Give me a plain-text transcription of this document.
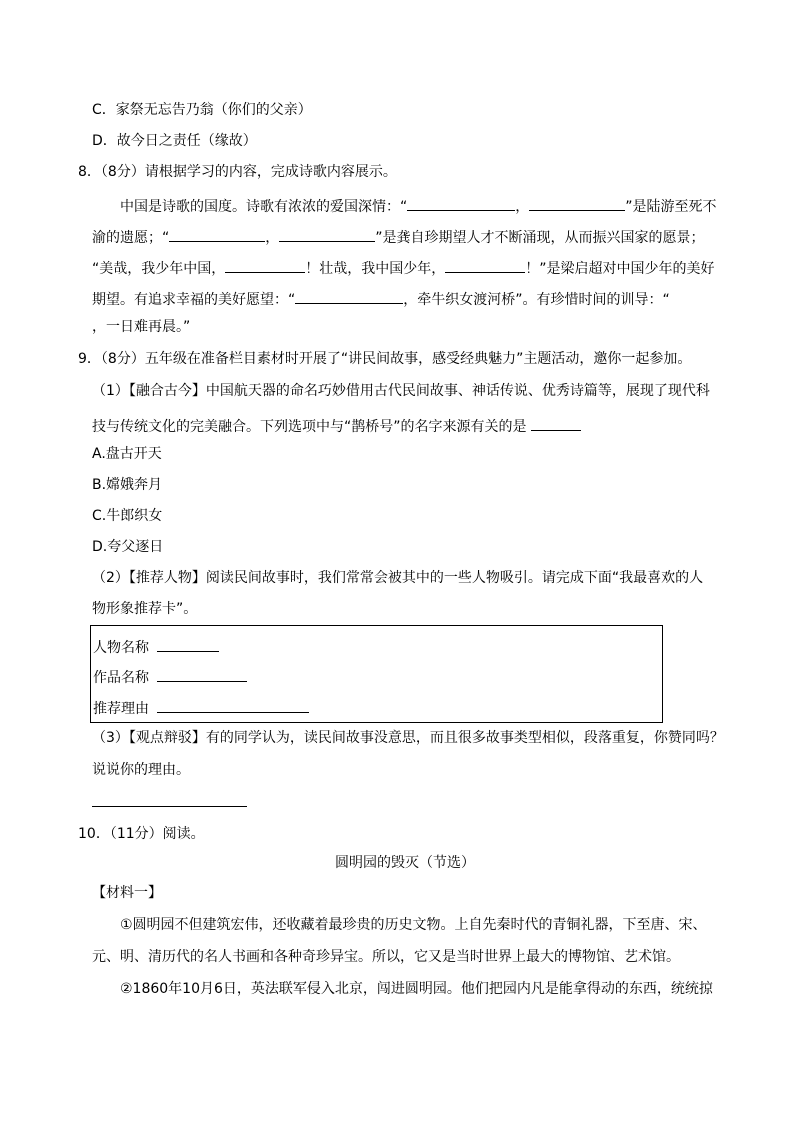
C．家祭无忘告乃翁（你们的父亲）
D．故今日之责任（缘故）
8．（8分）请根据学习的内容，完成诗歌内容展示。
中国是诗歌的国度。诗歌有浓浓的爱国深情：“	，	”是陆游至死不
渝的遗愿；“	，	”是龚自珍期望人才不断涌现，从而振兴国家的愿景；
“美哉，我少年中国，	！壮哉，我中国少年，	！”是梁启超对中国少年的美好
期望。有追求幸福的美好愿望：“	，牵牛织女渡河桥”。有珍惜时间的训导：“
，一日难再晨。”
9．（8分）五年级在准备栏目素材时开展了“讲民间故事，感受经典魅力”主题活动，邀你一起参加。
（1）【融合古今】中国航天器的命名巧妙借用古代民间故事、神话传说、优秀诗篇等，展现了现代科
技与传统文化的完美融合。下列选项中与“鹊桥号”的名字来源有关的是
A.盘古开天
B.嫦娥奔月
C.牛郎织女
D.夸父逐日
（2）【推荐人物】阅读民间故事时，我们常常会被其中的一些人物吸引。请完成下面“我最喜欢的人
物形象推荐卡”。
人物名称
作品名称
推荐理由
（3）【观点辩驳】有的同学认为，读民间故事没意思，而且很多故事类型相似，段落重复，你赞同吗？
说说你的理由。
10．（11分）阅读。
圆明园的毁灭（节选）
【材料一】
①圆明园不但建筑宏伟，还收藏着最珍贵的历史文物。上自先秦时代的青铜礼器，下至唐、宋、
元、明、清历代的名人书画和各种奇珍异宝。所以，它又是当时世界上最大的博物馆、艺术馆。
②1860年10月6日，英法联军侵入北京，闯进圆明园。他们把园内凡是能拿得动的东西，统统掠
